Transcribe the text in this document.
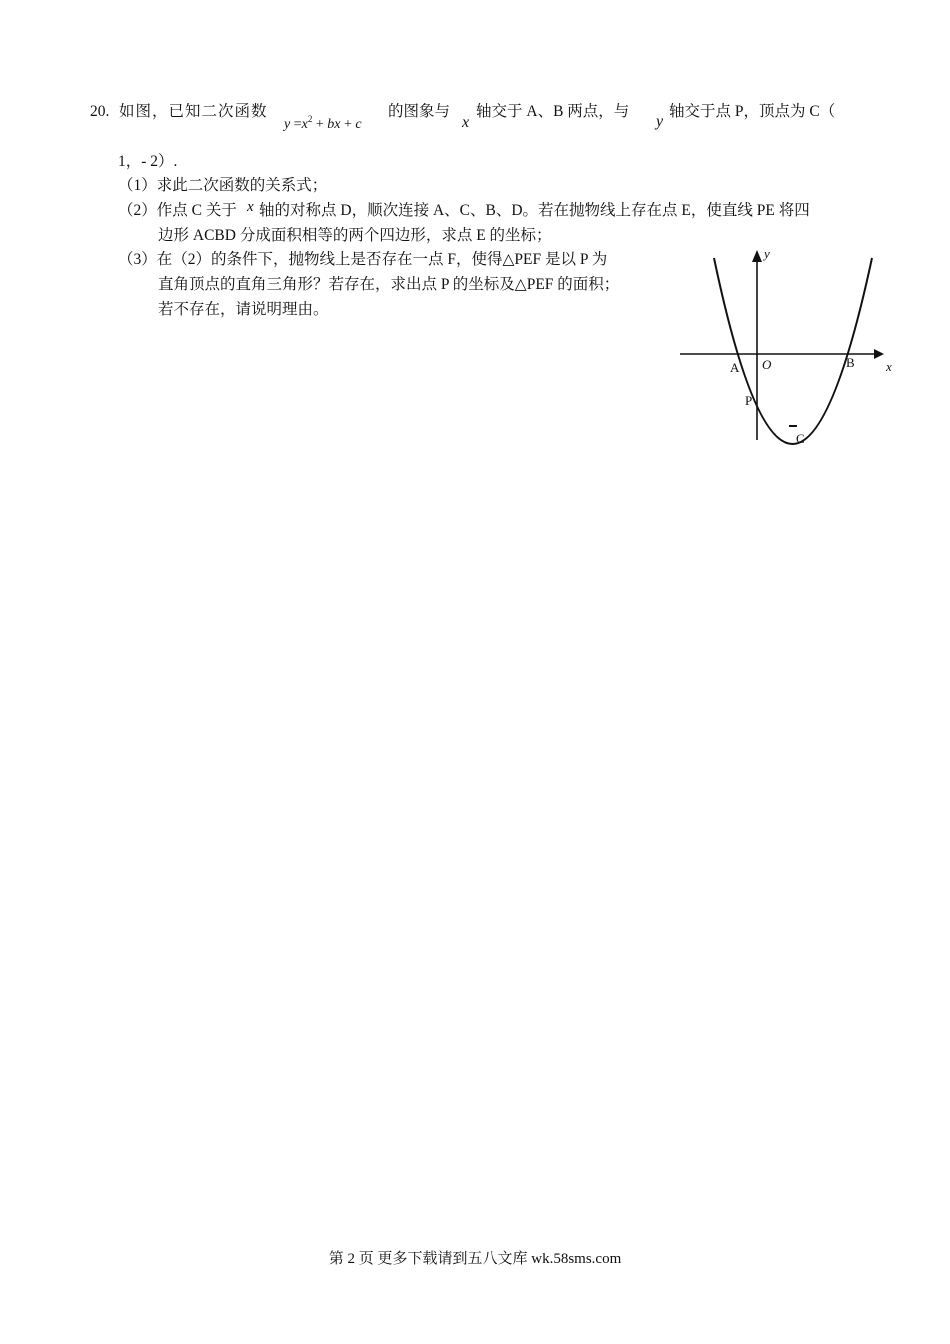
20. 如图，已知二次函数
$y =x^2$ + bx + c
的图象与
x
轴交于 A、B 两点，与
y
轴交于点 P，顶点为 C（
1，- 2）.
（1）求此二次函数的关系式；
（2）作点 C 关于 x 轴的对称点 D，顺次连接 A、C、B、D。若在抛物线上存在点 E，使直线 PE 将四
边形 ACBD 分成面积相等的两个四边形，求点 E 的坐标；
（3）在（2）的条件下，抛物线上是否存在一点 F，使得△PEF 是以 P 为
直角顶点的直角三角形？若存在，求出点 P 的坐标及△PEF 的面积；
若不存在，请说明理由。
y
x
O
A	B
P
C
第 2 页 更多下载请到五八文库 wk.58sms.com
